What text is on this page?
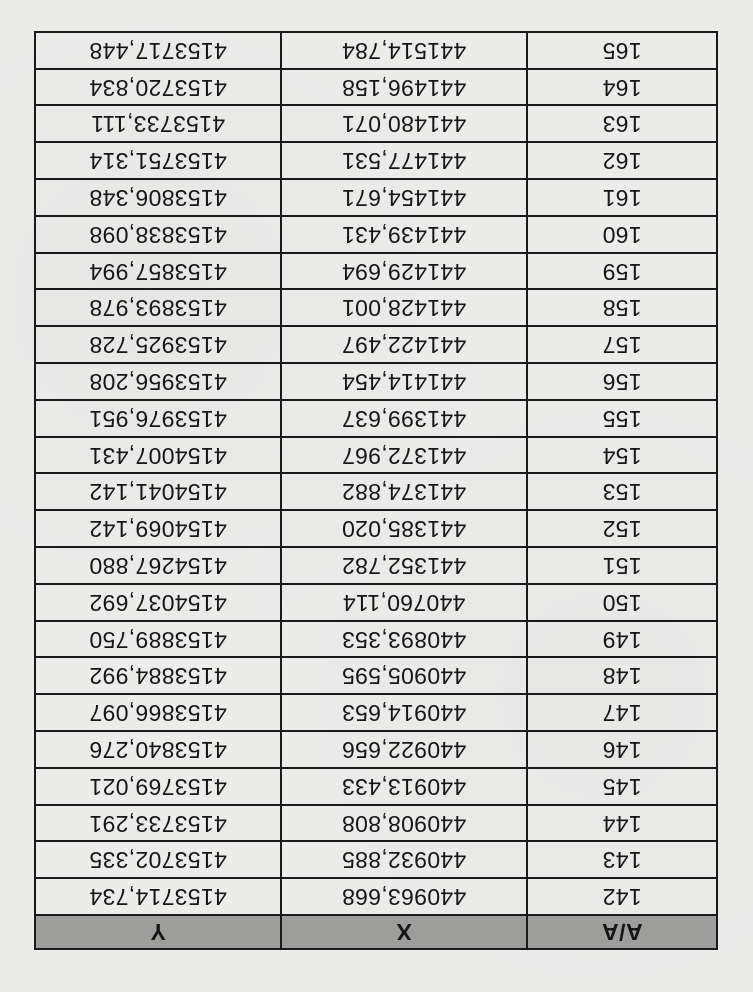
Α/Α	X	Y
142	440963,668	4153714,734
143	440932,885	4153702,335
144	440908,808	4153733,291
145	440913,433	4153769,021
146	440922,656	4153840,276
147	440914,653	4153866,097
148	440905,595	4153884,992
149	440893,353	4153889,750
150	440760,114	4154037,692
151	441352,782	4154267,880
152	441385,020	4154069,142
153	441374,882	4154041,142
154	441372,967	4154007,431
155	441399,637	4153976,951
156	441414,454	4153956,208
157	441422,497	4153925,728
158	441428,001	4153893,978
159	441429,694	4153857,994
160	441439,431	4153838,098
161	441454,671	4153806,348
162	441477,531	4153751,314
163	441480,071	4153733,111
164	441496,158	4153720,834
165	441514,784	4153717,448
